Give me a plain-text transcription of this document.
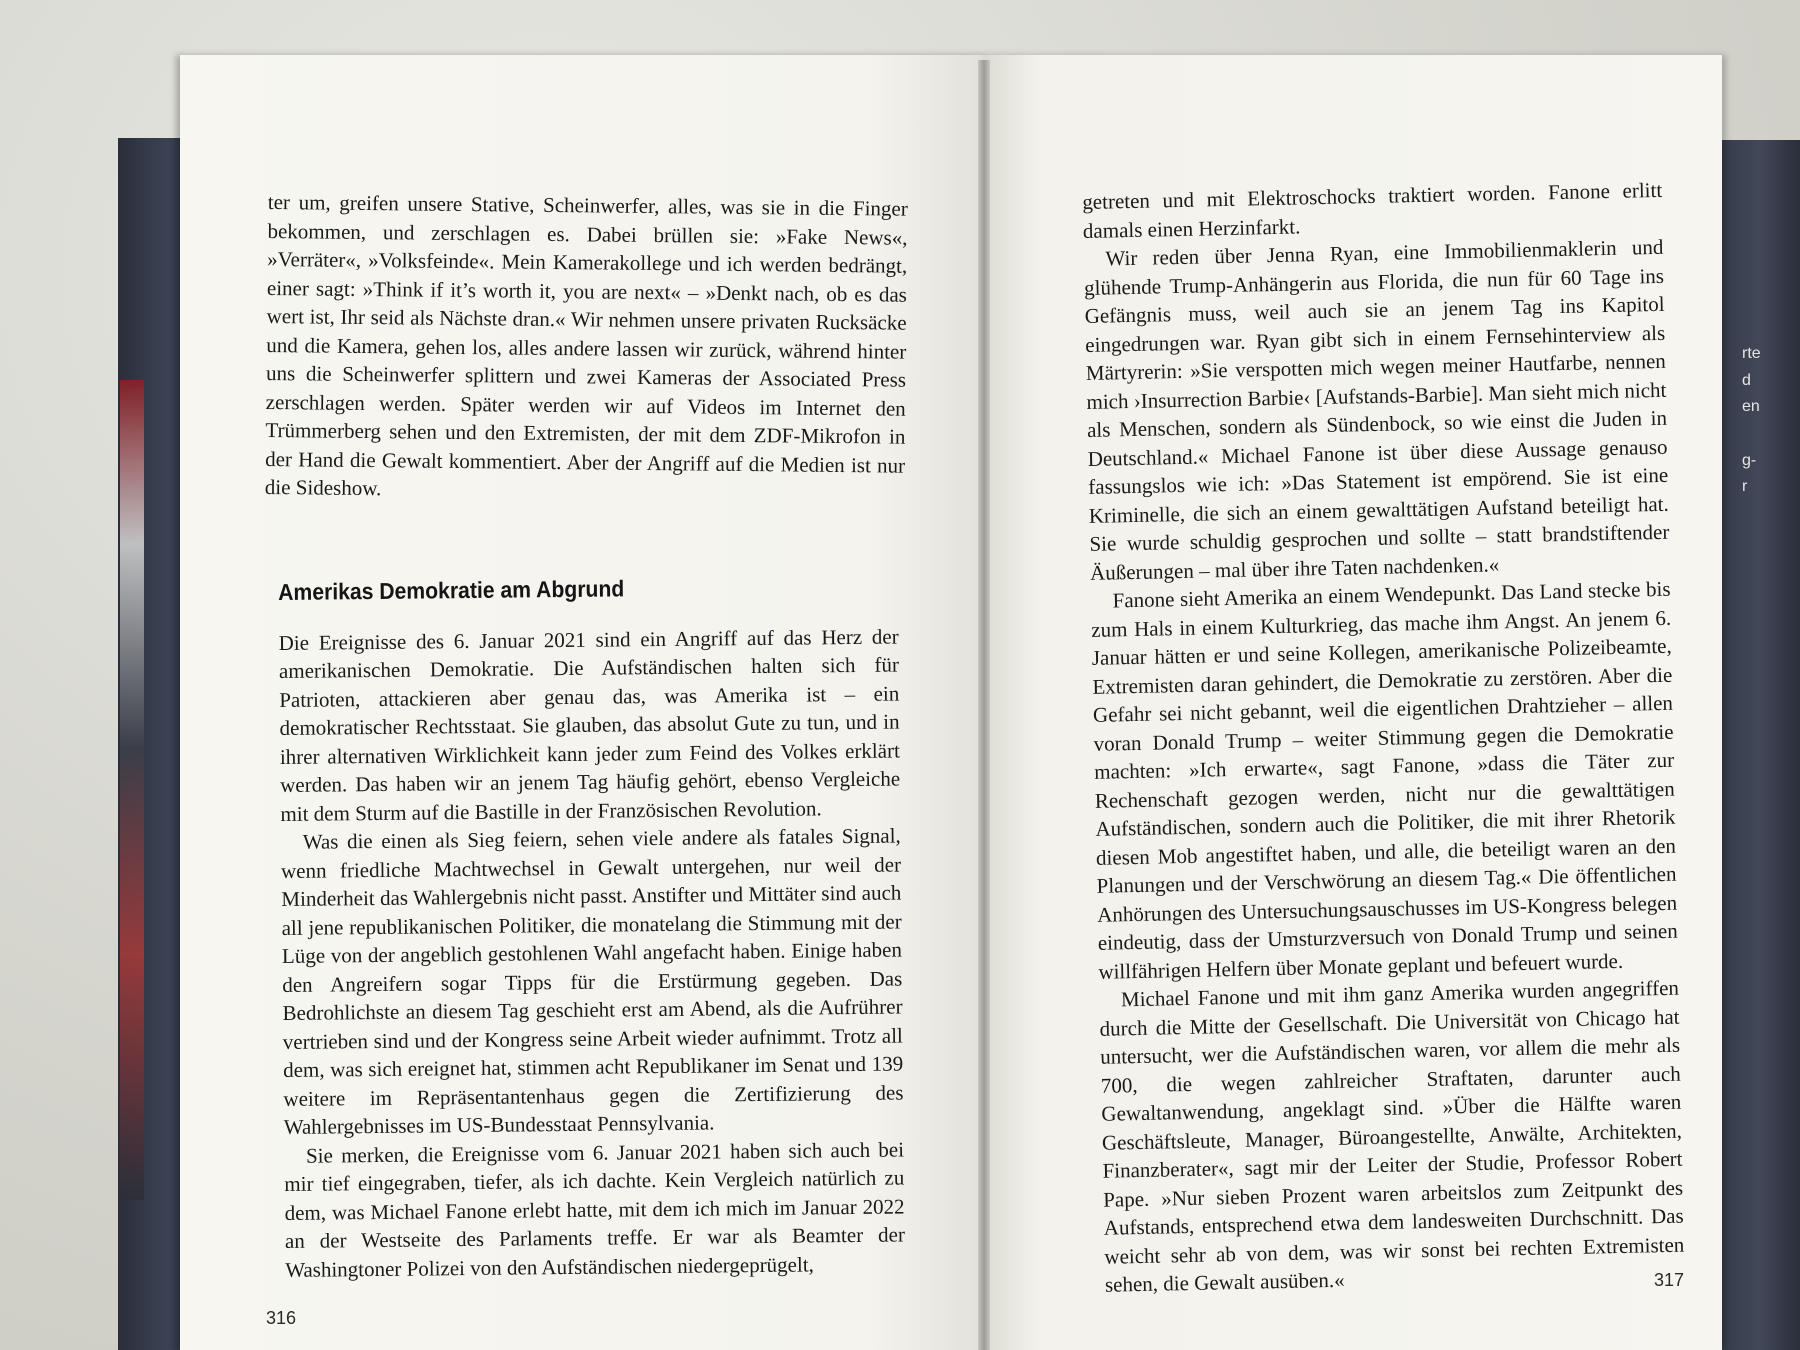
rte
d
en
g-
r

ter um, greifen unsere Stative, Scheinwerfer, alles, was sie in die Finger bekommen, und zerschlagen es. Dabei brüllen sie: »Fake News«, »Verräter«, »Volksfeinde«. Mein Kamerakollege und ich werden bedrängt, einer sagt: »Think if it’s worth it, you are next« – »Denkt nach, ob es das wert ist, Ihr seid als Nächste dran.« Wir nehmen unsere privaten Rucksäcke und die Kamera, gehen los, alles andere lassen wir zurück, während hinter uns die Scheinwerfer splittern und zwei Kameras der Associated Press zerschlagen werden. Später werden wir auf Videos im Internet den Trümmerberg sehen und den Extremisten, der mit dem ZDF-Mikrofon in der Hand die Gewalt kommentiert. Aber der Angriff auf die Medien ist nur die Sideshow.

Amerikas Demokratie am Abgrund

Die Ereignisse des 6. Januar 2021 sind ein Angriff auf das Herz der amerikanischen Demokratie. Die Aufständischen halten sich für Patrioten, attackieren aber genau das, was Amerika ist – ein demokratischer Rechtsstaat. Sie glauben, das absolut Gute zu tun, und in ihrer alternativen Wirklichkeit kann jeder zum Feind des Volkes erklärt werden. Das haben wir an jenem Tag häufig gehört, ebenso Vergleiche mit dem Sturm auf die Bastille in der Französischen Revolution.

Was die einen als Sieg feiern, sehen viele andere als fatales Signal, wenn friedliche Machtwechsel in Gewalt untergehen, nur weil der Minderheit das Wahlergebnis nicht passt. Anstifter und Mittäter sind auch all jene republikanischen Politiker, die monatelang die Stimmung mit der Lüge von der angeblich gestohlenen Wahl angefacht haben. Einige haben den Angreifern sogar Tipps für die Erstürmung gegeben. Das Bedrohlichste an diesem Tag geschieht erst am Abend, als die Aufrührer vertrieben sind und der Kongress seine Arbeit wieder aufnimmt. Trotz all dem, was sich ereignet hat, stimmen acht Republikaner im Senat und 139 weitere im Repräsentantenhaus gegen die Zertifizierung des Wahlergebnisses im US-Bundesstaat Pennsylvania.

Sie merken, die Ereignisse vom 6. Januar 2021 haben sich auch bei mir tief eingegraben, tiefer, als ich dachte. Kein Vergleich natürlich zu dem, was Michael Fanone erlebt hatte, mit dem ich mich im Januar 2022 an der Westseite des Parlaments treffe. Er war als Beamter der Washingtoner Polizei von den Aufständischen niedergeprügelt,

316

getreten und mit Elektroschocks traktiert worden. Fanone erlitt damals einen Herzinfarkt.

Wir reden über Jenna Ryan, eine Immobilienmaklerin und glühende Trump-Anhängerin aus Florida, die nun für 60 Tage ins Gefängnis muss, weil auch sie an jenem Tag ins Kapitol eingedrungen war. Ryan gibt sich in einem Fernsehinterview als Märtyrerin: »Sie verspotten mich wegen meiner Hautfarbe, nennen mich ›Insurrection Barbie‹ [Aufstands-Barbie]. Man sieht mich nicht als Menschen, sondern als Sündenbock, so wie einst die Juden in Deutschland.« Michael Fanone ist über diese Aussage genauso fassungslos wie ich: »Das Statement ist empörend. Sie ist eine Kriminelle, die sich an einem gewalttätigen Aufstand beteiligt hat. Sie wurde schuldig gesprochen und sollte – statt brandstiftender Äußerungen – mal über ihre Taten nachdenken.«

Fanone sieht Amerika an einem Wendepunkt. Das Land stecke bis zum Hals in einem Kulturkrieg, das mache ihm Angst. An jenem 6. Januar hätten er und seine Kollegen, amerikanische Polizeibeamte, Extremisten daran gehindert, die Demokratie zu zerstören. Aber die Gefahr sei nicht gebannt, weil die eigentlichen Drahtzieher – allen voran Donald Trump – weiter Stimmung gegen die Demokratie machten: »Ich erwarte«, sagt Fanone, »dass die Täter zur Rechenschaft gezogen werden, nicht nur die gewalttätigen Aufständischen, sondern auch die Politiker, die mit ihrer Rhetorik diesen Mob angestiftet haben, und alle, die beteiligt waren an den Planungen und der Verschwörung an diesem Tag.« Die öffentlichen Anhörungen des Untersuchungsauschusses im US-Kongress belegen eindeutig, dass der Umsturzversuch von Donald Trump und seinen willfährigen Helfern über Monate geplant und befeuert wurde.

Michael Fanone und mit ihm ganz Amerika wurden angegriffen durch die Mitte der Gesellschaft. Die Universität von Chicago hat untersucht, wer die Aufständischen waren, vor allem die mehr als 700, die wegen zahlreicher Straftaten, darunter auch Gewaltanwendung, angeklagt sind. »Über die Hälfte waren Geschäftsleute, Manager, Büroangestellte, Anwälte, Architekten, Finanzberater«, sagt mir der Leiter der Studie, Professor Robert Pape. »Nur sieben Prozent waren arbeitslos zum Zeitpunkt des Aufstands, entsprechend etwa dem landesweiten Durchschnitt. Das weicht sehr ab von dem, was wir sonst bei rechten Extremisten sehen, die Gewalt ausüben.«	317
